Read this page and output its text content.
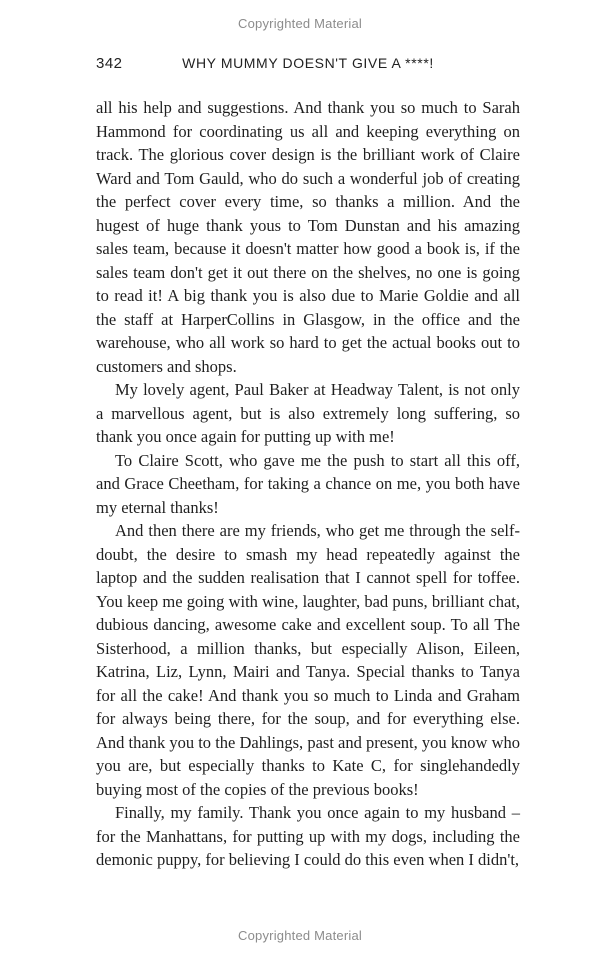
Copyrighted Material
342	WHY MUMMY DOESN'T GIVE A ****!

all his help and suggestions. And thank you so much to Sarah Hammond for coordinating us all and keeping everything on track. The glorious cover design is the brilliant work of Claire Ward and Tom Gauld, who do such a wonderful job of creating the perfect cover every time, so thanks a million. And the hugest of huge thank yous to Tom Dunstan and his amazing sales team, because it doesn't matter how good a book is, if the sales team don't get it out there on the shelves, no one is going to read it! A big thank you is also due to Marie Goldie and all the staff at HarperCollins in Glasgow, in the office and the warehouse, who all work so hard to get the actual books out to customers and shops.

My lovely agent, Paul Baker at Headway Talent, is not only a marvellous agent, but is also extremely long suffering, so thank you once again for putting up with me!

To Claire Scott, who gave me the push to start all this off, and Grace Cheetham, for taking a chance on me, you both have my eternal thanks!

And then there are my friends, who get me through the self-doubt, the desire to smash my head repeatedly against the laptop and the sudden realisation that I cannot spell for toffee. You keep me going with wine, laughter, bad puns, brilliant chat, dubious dancing, awesome cake and excellent soup. To all The Sisterhood, a million thanks, but especially Alison, Eileen, Katrina, Liz, Lynn, Mairi and Tanya. Special thanks to Tanya for all the cake! And thank you so much to Linda and Graham for always being there, for the soup, and for everything else. And thank you to the Dahlings, past and present, you know who you are, but especially thanks to Kate C, for singlehandedly buying most of the copies of the previous books!

Finally, my family. Thank you once again to my husband – for the Manhattans, for putting up with my dogs, including the demonic puppy, for believing I could do this even when I didn't,

Copyrighted Material
